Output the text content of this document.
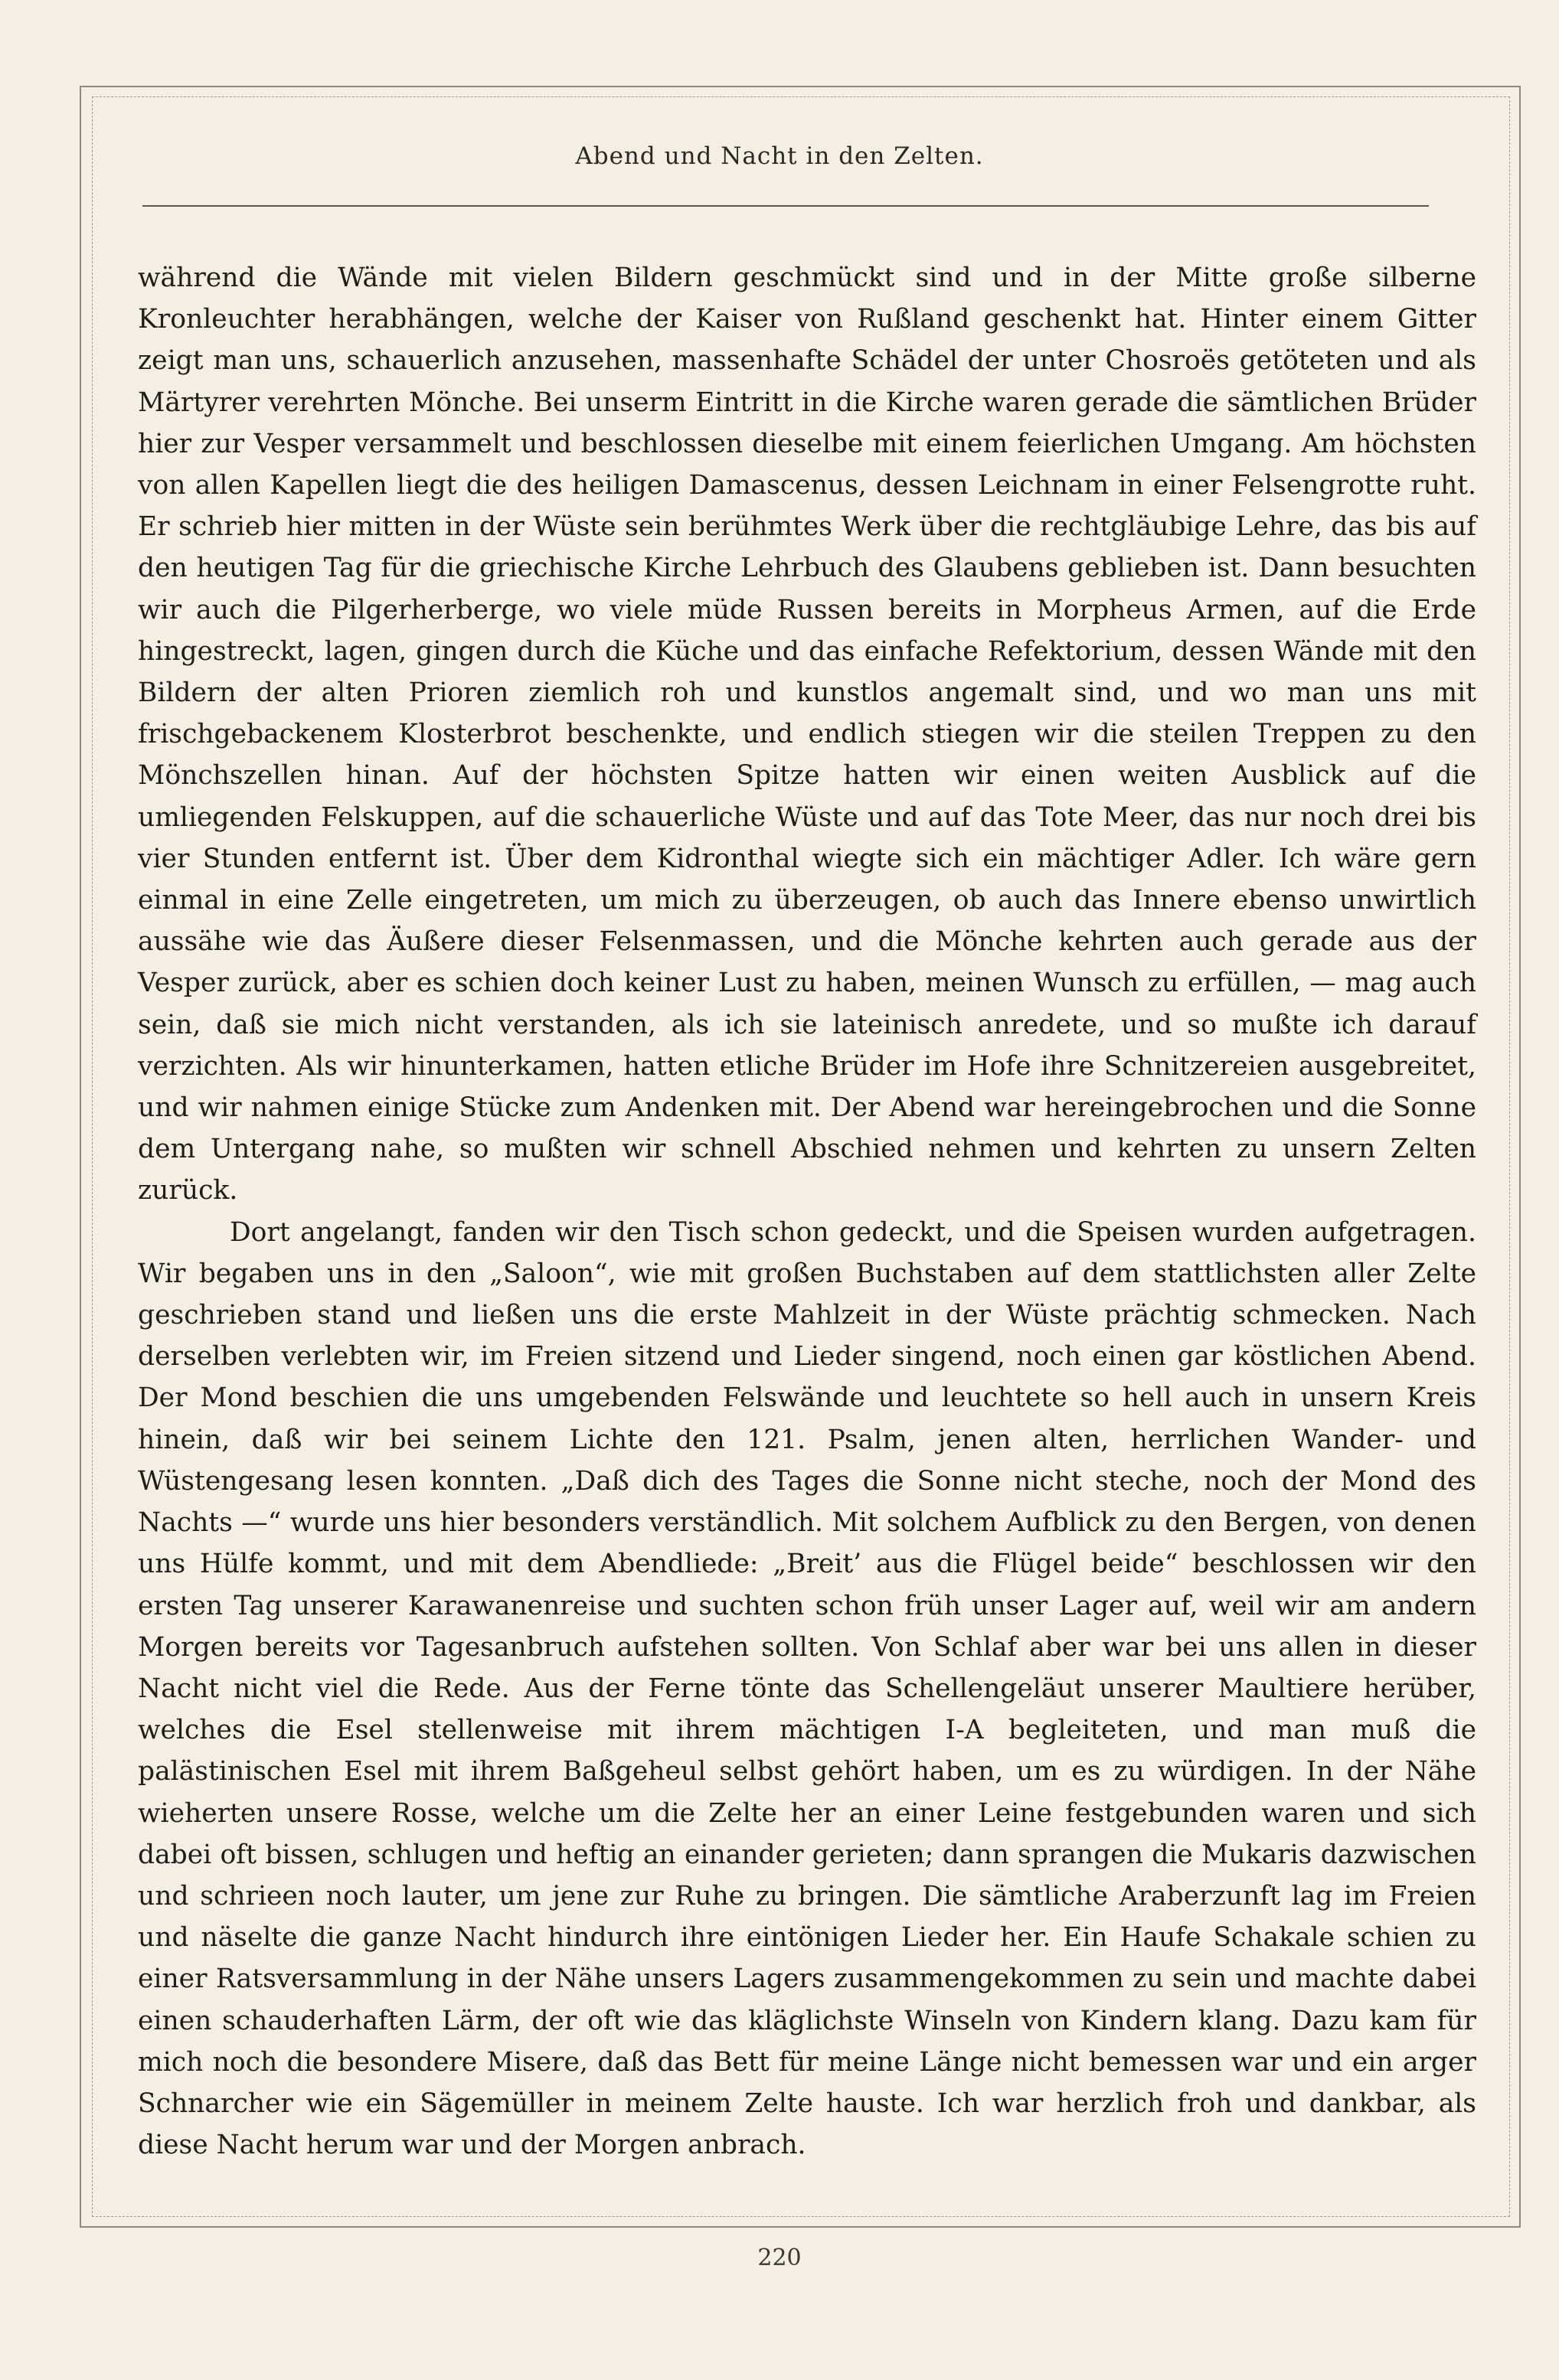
Abend und Nacht in den Zelten.

während die Wände mit vielen Bildern geschmückt sind und in der Mitte große silberne Kronleuchter herabhängen, welche der Kaiser von Rußland geschenkt hat. Hinter einem Gitter zeigt man uns, schauerlich anzusehen, massenhafte Schädel der unter Chosroës getöteten und als Märtyrer verehrten Mönche. Bei unserm Eintritt in die Kirche waren gerade die sämtlichen Brüder hier zur Vesper versammelt und beschlossen dieselbe mit einem feierlichen Umgang. Am höchsten von allen Kapellen liegt die des heiligen Damascenus, dessen Leichnam in einer Felsengrotte ruht. Er schrieb hier mitten in der Wüste sein berühmtes Werk über die rechtgläubige Lehre, das bis auf den heutigen Tag für die griechische Kirche Lehrbuch des Glaubens geblieben ist. Dann besuchten wir auch die Pilgerherberge, wo viele müde Russen bereits in Morpheus Armen, auf die Erde hingestreckt, lagen, gingen durch die Küche und das einfache Refektorium, dessen Wände mit den Bildern der alten Prioren ziemlich roh und kunstlos angemalt sind, und wo man uns mit frischgebackenem Klosterbrot beschenkte, und endlich stiegen wir die steilen Treppen zu den Mönchszellen hinan. Auf der höchsten Spitze hatten wir einen weiten Ausblick auf die umliegenden Felskuppen, auf die schauerliche Wüste und auf das Tote Meer, das nur noch drei bis vier Stunden entfernt ist. Über dem Kidronthal wiegte sich ein mächtiger Adler. Ich wäre gern einmal in eine Zelle eingetreten, um mich zu überzeugen, ob auch das Innere ebenso unwirtlich aussähe wie das Äußere dieser Felsenmassen, und die Mönche kehrten auch gerade aus der Vesper zurück, aber es schien doch keiner Lust zu haben, meinen Wunsch zu erfüllen, — mag auch sein, daß sie mich nicht verstanden, als ich sie lateinisch anredete, und so mußte ich darauf verzichten. Als wir hinunterkamen, hatten etliche Brüder im Hofe ihre Schnitzereien ausgebreitet, und wir nahmen einige Stücke zum Andenken mit. Der Abend war hereingebrochen und die Sonne dem Untergang nahe, so mußten wir schnell Abschied nehmen und kehrten zu unsern Zelten zurück.

Dort angelangt, fanden wir den Tisch schon gedeckt, und die Speisen wurden aufgetragen. Wir begaben uns in den „Saloon“, wie mit großen Buchstaben auf dem stattlichsten aller Zelte geschrieben stand und ließen uns die erste Mahlzeit in der Wüste prächtig schmecken. Nach derselben verlebten wir, im Freien sitzend und Lieder singend, noch einen gar köstlichen Abend. Der Mond beschien die uns umgebenden Felswände und leuchtete so hell auch in unsern Kreis hinein, daß wir bei seinem Lichte den 121. Psalm, jenen alten, herrlichen Wander- und Wüstengesang lesen konnten. „Daß dich des Tages die Sonne nicht steche, noch der Mond des Nachts —“ wurde uns hier besonders verständlich. Mit solchem Aufblick zu den Bergen, von denen uns Hülfe kommt, und mit dem Abendliede: „Breit’ aus die Flügel beide“ beschlossen wir den ersten Tag unserer Karawanenreise und suchten schon früh unser Lager auf, weil wir am andern Morgen bereits vor Tagesanbruch aufstehen sollten. Von Schlaf aber war bei uns allen in dieser Nacht nicht viel die Rede. Aus der Ferne tönte das Schellengeläut unserer Maultiere herüber, welches die Esel stellenweise mit ihrem mächtigen I-A begleiteten, und man muß die palästinischen Esel mit ihrem Baßgeheul selbst gehört haben, um es zu würdigen. In der Nähe wieherten unsere Rosse, welche um die Zelte her an einer Leine festgebunden waren und sich dabei oft bissen, schlugen und heftig an einander gerieten; dann sprangen die Mukaris dazwischen und schrieen noch lauter, um jene zur Ruhe zu bringen. Die sämtliche Araberzunft lag im Freien und näselte die ganze Nacht hindurch ihre eintönigen Lieder her. Ein Haufe Schakale schien zu einer Ratsversammlung in der Nähe unsers Lagers zusammengekommen zu sein und machte dabei einen schauderhaften Lärm, der oft wie das kläglichste Winseln von Kindern klang. Dazu kam für mich noch die besondere Misere, daß das Bett für meine Länge nicht bemessen war und ein arger Schnarcher wie ein Sägemüller in meinem Zelte hauste. Ich war herzlich froh und dankbar, als diese Nacht herum war und der Morgen anbrach.

220
